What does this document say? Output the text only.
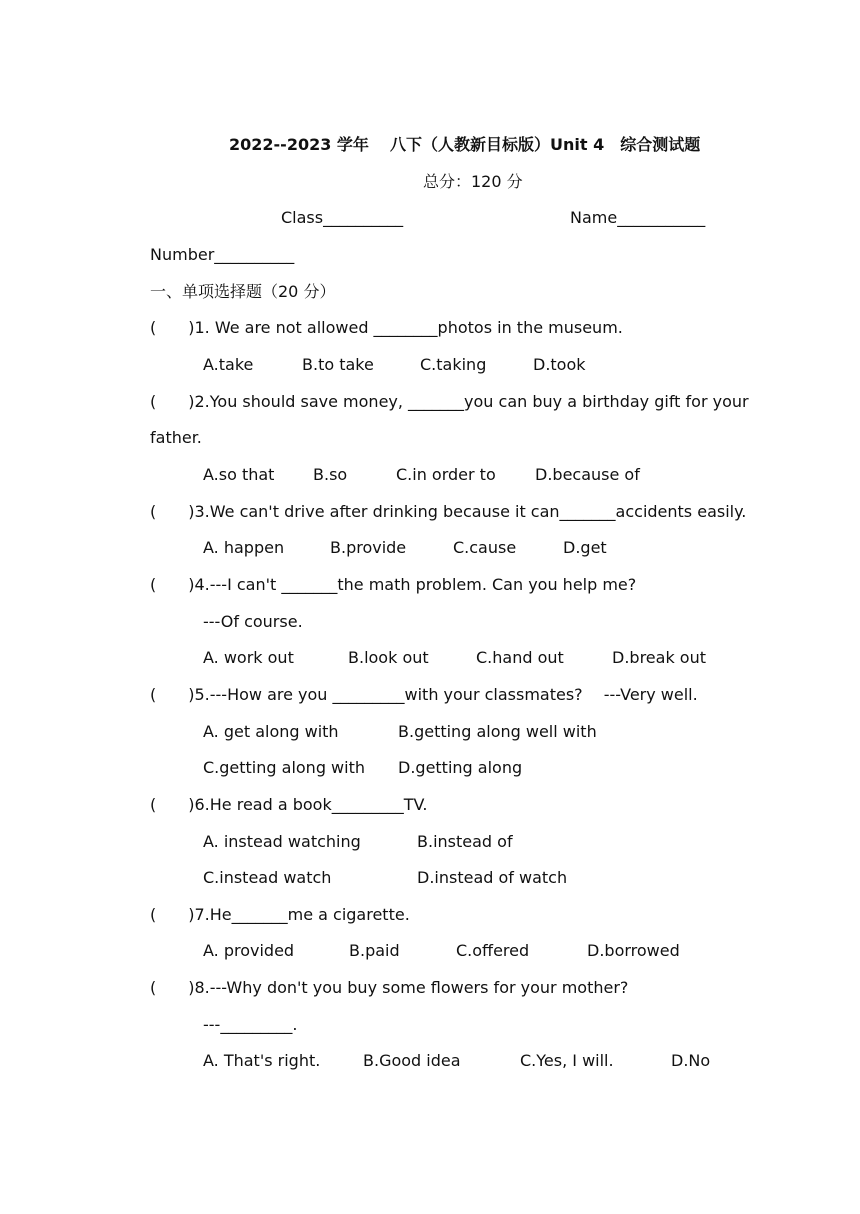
2022--2023 学年 八下（人教新目标版）Unit 4　综合测试题
总分：120 分
Class__________	Name___________
Number__________
一、单项选择题（20 分）
(　　)1. We are not allowed ________photos in the museum.
A.take	B.to take	C.taking	D.took
(　　)2.You should save money, _______you can buy a birthday gift for your
father.
A.so that B.so	C.in order to D.because of
(　　)3.We can't drive after drinking because it can_______accidents easily.
A. happen	B.provide	C.cause	D.get
(　　)4.---I can't _______the math problem. Can you help me?
---Of course.
A. work out	B.look out	C.hand out	D.break out
(　　)5.---How are you _________with your classmates?　 ---Very well.
A. get along with	B.getting along well with
C.getting along with D.getting along
(　　)6.He read a book_________TV.
A. instead watching	B.instead of
C.instead watch	D.instead of watch
(　　)7.He_______me a cigarette.
A. provided	B.paid	C.offered	D.borrowed
(　　)8.---Why don't you buy some flowers for your mother?
---_________.
A. That's right.	B.Good idea	C.Yes, I will.	D.No
